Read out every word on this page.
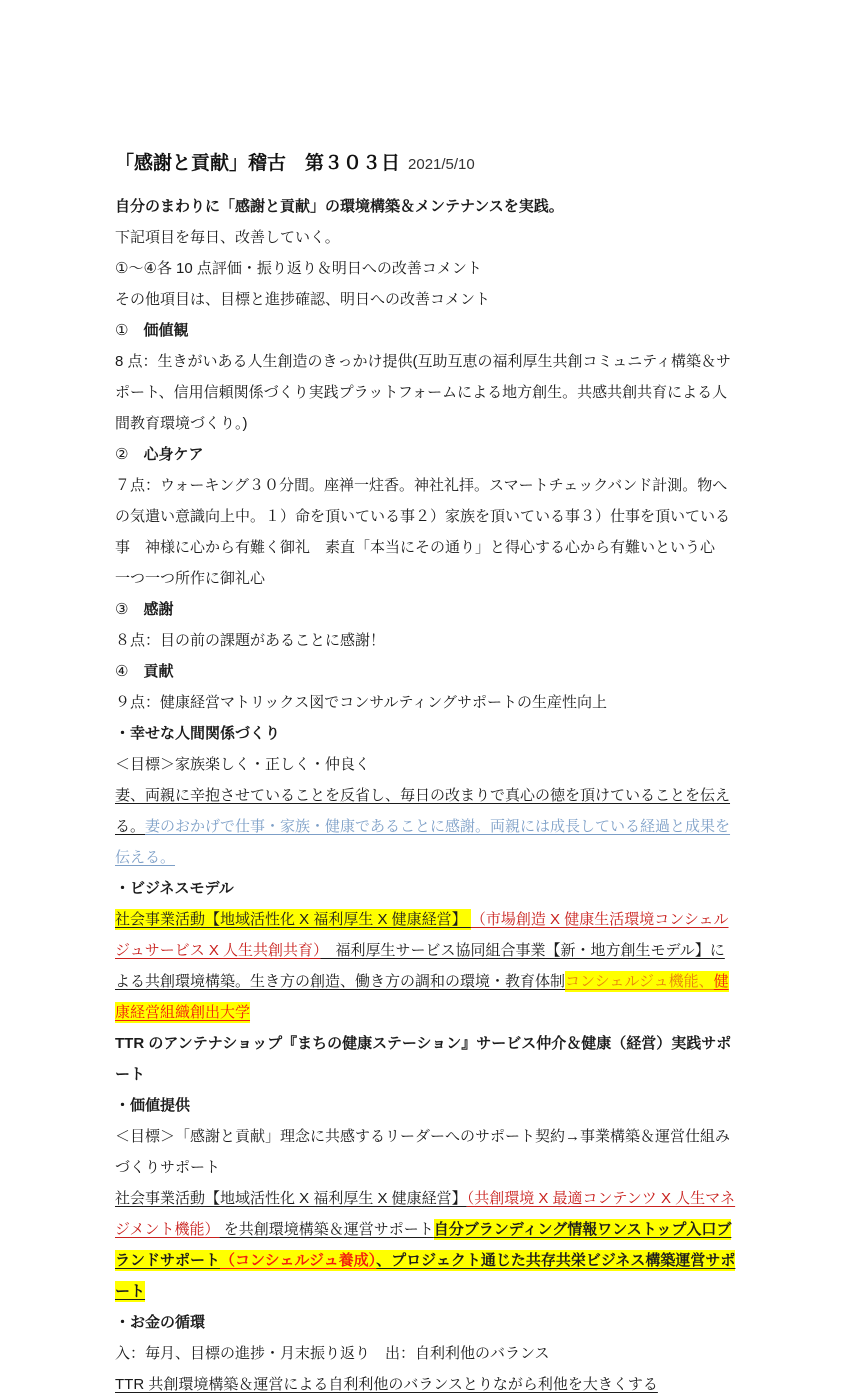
「感謝と貢献」稽古　第３０３日 2021/5/10

自分のまわりに「感謝と貢献」の環境構築＆メンテナンスを実践。

下記項目を毎日、改善していく。

①～④各 10 点評価・振り返り＆明日への改善コメント

その他項目は、目標と進捗確認、明日への改善コメント

①　価値観

8 点：生きがいある人生創造のきっかけ提供(互助互恵の福利厚生共創コミュニティ構築＆サポート、信用信頼関係づくり実践プラットフォームによる地方創生。共感共創共育による人間教育環境づくり。)

②　心身ケア

７点：ウォーキング３０分間。座禅一炷香。神社礼拝。スマートチェックバンド計測。物への気遣い意識向上中。１）命を頂いている事２）家族を頂いている事３）仕事を頂いている事　神様に心から有難く御礼　素直「本当にその通り」と得心する心から有難いという心　一つ一つ所作に御礼心

③　感謝

８点：目の前の課題があることに感謝！

④　貢献

９点：健康経営マトリックス図でコンサルティングサポートの生産性向上

・幸せな人間関係づくり

＜目標＞家族楽しく・正しく・仲良く

妻、両親に辛抱させていることを反省し、毎日の改まりで真心の徳を頂けていることを伝える。妻のおかげで仕事・家族・健康であることに感謝。両親には成長している経過と成果を伝える。

・ビジネスモデル

社会事業活動【地域活性化 X 福利厚生 X 健康経営】 （市場創造 X 健康生活環境コンシェルジュサービス X 人生共創共育）　福利厚生サービス協同組合事業【新・地方創生モデル】による共創環境構築。生き方の創造、働き方の調和の環境・教育体制コンシェルジュ機能、健康経営組織創出大学

TTR のアンテナショップ『まちの健康ステーション』サービス仲介＆健康（経営）実践サポート

・価値提供

＜目標＞「感謝と貢献」理念に共感するリーダーへのサポート契約→事業構築＆運営仕組みづくりサポート

社会事業活動【地域活性化 X 福利厚生 X 健康経営】（共創環境 X 最適コンテンツ X 人生マネジメント機能） を共創環境構築＆運営サポート自分ブランディング情報ワンストップ入口ブランドサポート（コンシェルジュ養成）、プロジェクト通じた共存共栄ビジネス構築運営サポート

・お金の循環

入：毎月、目標の進捗・月末振り返り　出：自利利他のバランス

TTR 共創環境構築＆運営による自利利他のバランスとりながら利他を大きくする
